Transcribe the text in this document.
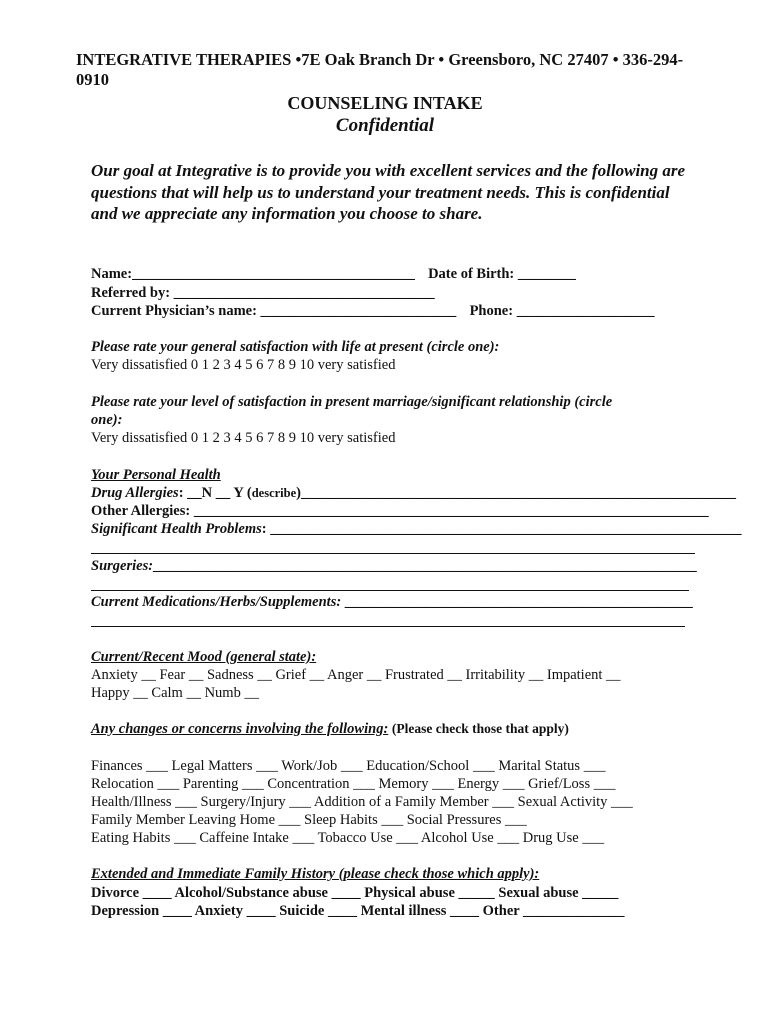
INTEGRATIVE THERAPIES •7E Oak Branch Dr • Greensboro, NC 27407 • 336-294-0910
COUNSELING INTAKE
Confidential
Our goal at Integrative is to provide you with excellent services and the following are questions that will help us to understand your treatment needs. This is confidential and we appreciate any information you choose to share.
Name:_______________________________________ Date of Birth: ________
Referred by: ____________________________________
Current Physician’s name: ___________________________ Phone: ___________________
Please rate your general satisfaction with life at present (circle one):
Very dissatisfied 0 1 2 3 4 5 6 7 8 9 10 very satisfied
Please rate your level of satisfaction in present marriage/significant relationship (circle
one):
Very dissatisfied 0 1 2 3 4 5 6 7 8 9 10 very satisfied
Your Personal Health
Drug Allergies: __N __ Y (describe)____________________________________________________________
Other Allergies: _______________________________________________________________________
Significant Health Problems: _________________________________________________________________
Surgeries:___________________________________________________________________________
Current Medications/Herbs/Supplements: ________________________________________________
Current/Recent Mood (general state):
Anxiety __ Fear __ Sadness __ Grief __ Anger __ Frustrated __ Irritability __ Impatient __
Happy __ Calm __ Numb __
Any changes or concerns involving the following: (Please check those that apply)
Finances ___ Legal Matters ___ Work/Job ___ Education/School ___ Marital Status ___
Relocation ___ Parenting ___ Concentration ___ Memory ___ Energy ___ Grief/Loss ___
Health/Illness ___ Surgery/Injury ___ Addition of a Family Member ___ Sexual Activity ___
Family Member Leaving Home ___ Sleep Habits ___ Social Pressures ___
Eating Habits ___ Caffeine Intake ___ Tobacco Use ___ Alcohol Use ___ Drug Use ___
Extended and Immediate Family History (please check those which apply):
Divorce ____ Alcohol/Substance abuse ____ Physical abuse _____ Sexual abuse _____
Depression ____ Anxiety ____ Suicide ____ Mental illness ____ Other ______________
